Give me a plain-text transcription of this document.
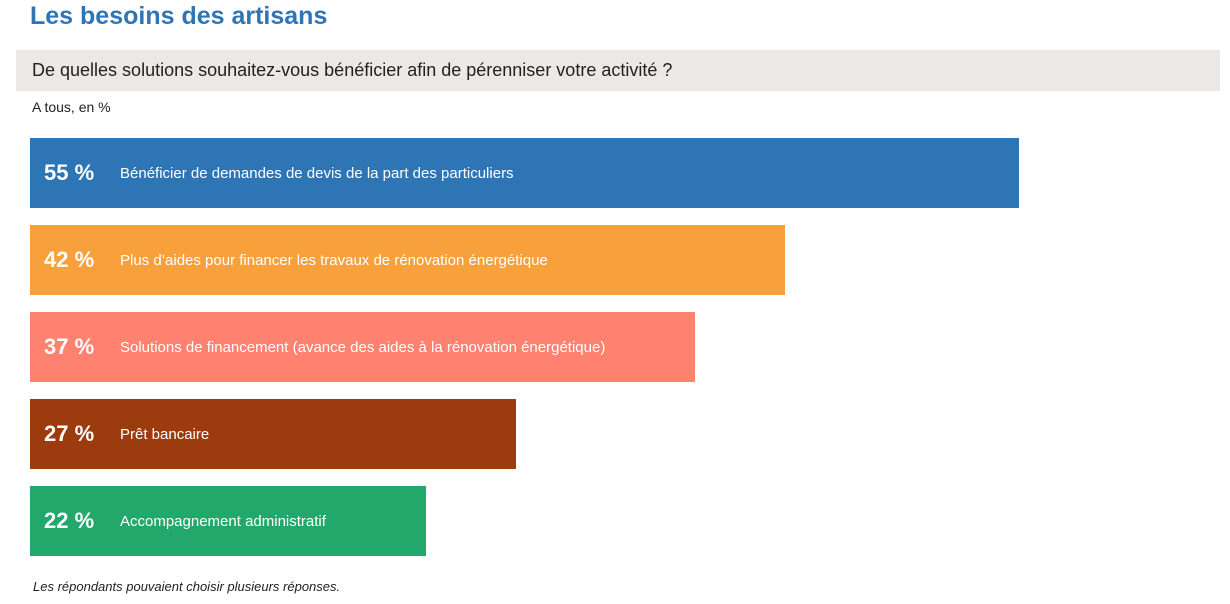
Les besoins des artisans
De quelles solutions souhaitez-vous bénéficier afin de pérenniser votre activité ?
A tous, en %
55 %	Bénéficier de demandes de devis de la part des particuliers
42 %	Plus d’aides pour financer les travaux de rénovation énergétique
37 %	Solutions de financement (avance des aides à la rénovation énergétique)
27 %	Prêt bancaire
22 %	Accompagnement administratif
Les répondants pouvaient choisir plusieurs réponses.
